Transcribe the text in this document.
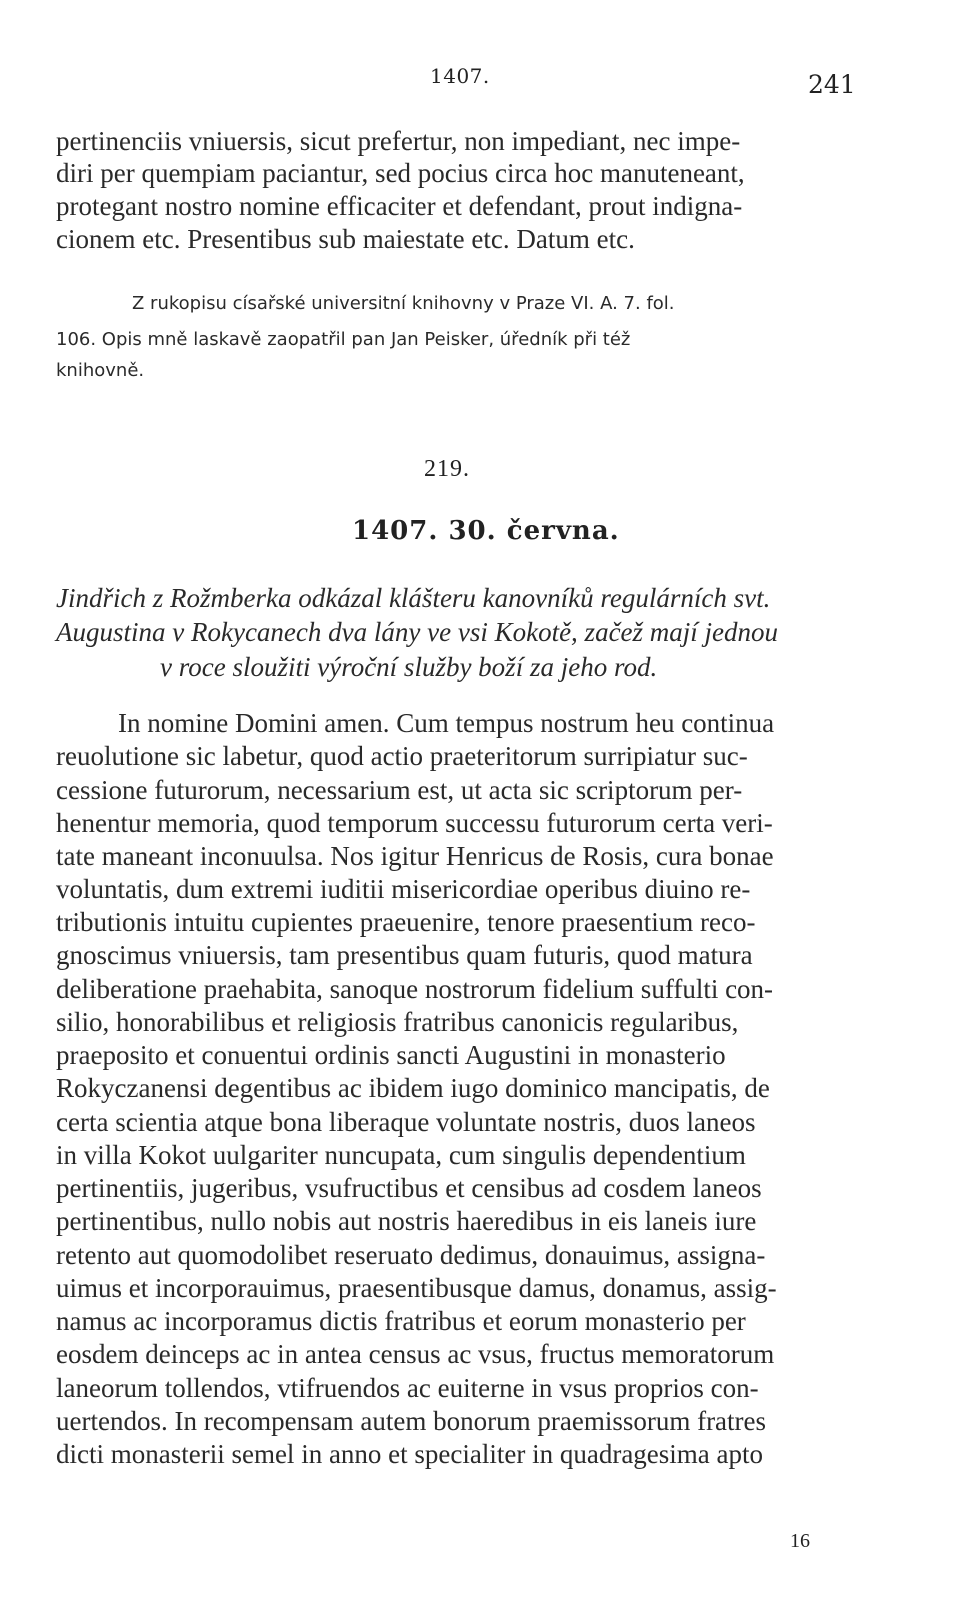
1407.	241
pertinenciis vniuersis, sicut prefertur, non impediant, nec impe-
diri per quempiam paciantur, sed pocius circa hoc manuteneant,
protegant nostro nomine efficaciter et defendant, prout indigna-
cionem etc. Presentibus sub maiestate etc. Datum etc.
Z rukopisu císařské universitní knihovny v Praze VI. A. 7. fol.
106. Opis mně laskavě zaopatřil pan Jan Peisker, úředník při též
knihovně.
219.
1407. 30. června.
Jindřich z Rožmberka odkázal klášteru kanovníků regulárních svt.
Augustina v Rokycanech dva lány ve vsi Kokotě, začež mají jednou
v roce sloužiti výroční služby boží za jeho rod.
In nomine Domini amen. Cum tempus nostrum heu continua
reuolutione sic labetur, quod actio praeteritorum surripiatur suc-
cessione futurorum, necessarium est, ut acta sic scriptorum per-
henentur memoria, quod temporum successu futurorum certa veri-
tate maneant inconuulsa. Nos igitur Henricus de Rosis, cura bonae
voluntatis, dum extremi iuditii misericordiae operibus diuino re-
tributionis intuitu cupientes praeuenire, tenore praesentium reco-
gnoscimus vniuersis, tam presentibus quam futuris, quod matura
deliberatione praehabita, sanoque nostrorum fidelium suffulti con-
silio, honorabilibus et religiosis fratribus canonicis regularibus,
praeposito et conuentui ordinis sancti Augustini in monasterio
Rokyczanensi degentibus ac ibidem iugo dominico mancipatis, de
certa scientia atque bona liberaque voluntate nostris, duos laneos
in villa Kokot uulgariter nuncupata, cum singulis dependentium
pertinentiis, jugeribus, vsufructibus et censibus ad cosdem laneos
pertinentibus, nullo nobis aut nostris haeredibus in eis laneis iure
retento aut quomodolibet reseruato dedimus, donauimus, assigna-
uimus et incorporauimus, praesentibusque damus, donamus, assig-
namus ac incorporamus dictis fratribus et eorum monasterio per
eosdem deinceps ac in antea census ac vsus, fructus memoratorum
laneorum tollendos, vtifruendos ac euiterne in vsus proprios con-
uertendos. In recompensam autem bonorum praemissorum fratres
dicti monasterii semel in anno et specialiter in quadragesima apto
16
